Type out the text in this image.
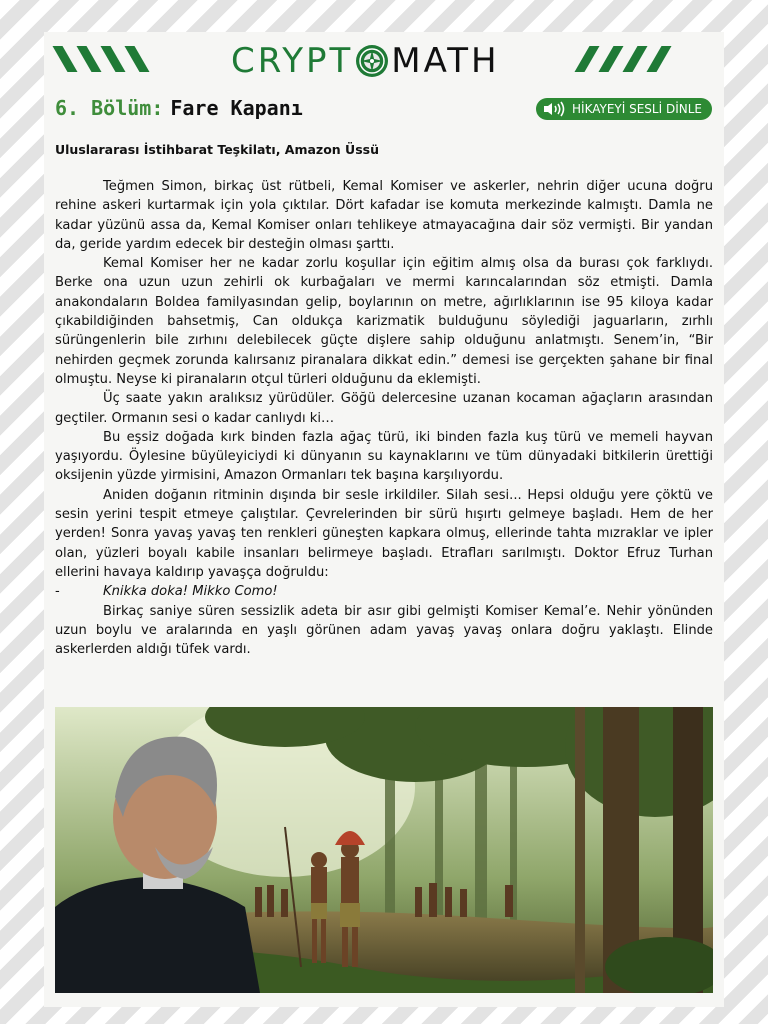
CRYPT MATH
6. Bölüm: Fare Kapanı	HİKAYEYİ SESLİ DİNLE
Uluslararası İstihbarat Teşkilatı, Amazon Üssü

Teğmen Simon, birkaç üst rütbeli, Kemal Komiser ve askerler, nehrin diğer ucuna doğru rehine askeri kurtarmak için yola çıktılar. Dört kafadar ise komuta merkezinde kalmıştı. Damla ne kadar yüzünü assa da, Kemal Komiser onları tehlikeye atmayacağına dair söz vermişti. Bir yandan da, geride yardım edecek bir desteğin olması şarttı.

Kemal Komiser her ne kadar zorlu koşullar için eğitim almış olsa da burası çok farklıydı. Berke ona uzun uzun zehirli ok kurbağaları ve mermi karıncalarından söz etmişti. Damla anakondaların Boldea familyasından gelip, boylarının on metre, ağırlıklarının ise 95 kiloya kadar çıkabildiğinden bahsetmiş, Can oldukça karizmatik bulduğunu söylediği jaguarların, zırhlı sürüngenlerin bile zırhını delebilecek güçte dişlere sahip olduğunu anlatmıştı. Senem’in, “Bir nehirden geçmek zorunda kalırsanız piranalara dikkat edin.” demesi ise gerçekten şahane bir final olmuştu. Neyse ki piranaların otçul türleri olduğunu da eklemişti.

Üç saate yakın aralıksız yürüdüler. Göğü delercesine uzanan kocaman ağaçların arasından geçtiler. Ormanın sesi o kadar canlıydı ki…

Bu eşsiz doğada kırk binden fazla ağaç türü, iki binden fazla kuş türü ve memeli hayvan yaşıyordu. Öylesine büyüleyiciydi ki dünyanın su kaynaklarını ve tüm dünyadaki bitkilerin ürettiği oksijenin yüzde yirmisini, Amazon Ormanları tek başına karşılıyordu.

Aniden doğanın ritminin dışında bir sesle irkildiler. Silah sesi... Hepsi olduğu yere çöktü ve sesin yerini tespit etmeye çalıştılar. Çevrelerinden bir sürü hışırtı gelmeye başladı. Hem de her yerden! Sonra yavaş yavaş ten renkleri güneşten kapkara olmuş, ellerinde tahta mızraklar ve ipler olan, yüzleri boyalı kabile insanları belirmeye başladı. Etrafları sarılmıştı. Doktor Efruz Turhan ellerini havaya kaldırıp yavaşça doğruldu:

-	Knikka doka! Mikko Como!

Birkaç saniye süren sessizlik adeta bir asır gibi gelmişti Komiser Kemal’e. Nehir yönünden uzun boylu ve aralarında en yaşlı görünen adam yavaş yavaş onlara doğru yaklaştı. Elinde askerlerden aldığı tüfek vardı.
